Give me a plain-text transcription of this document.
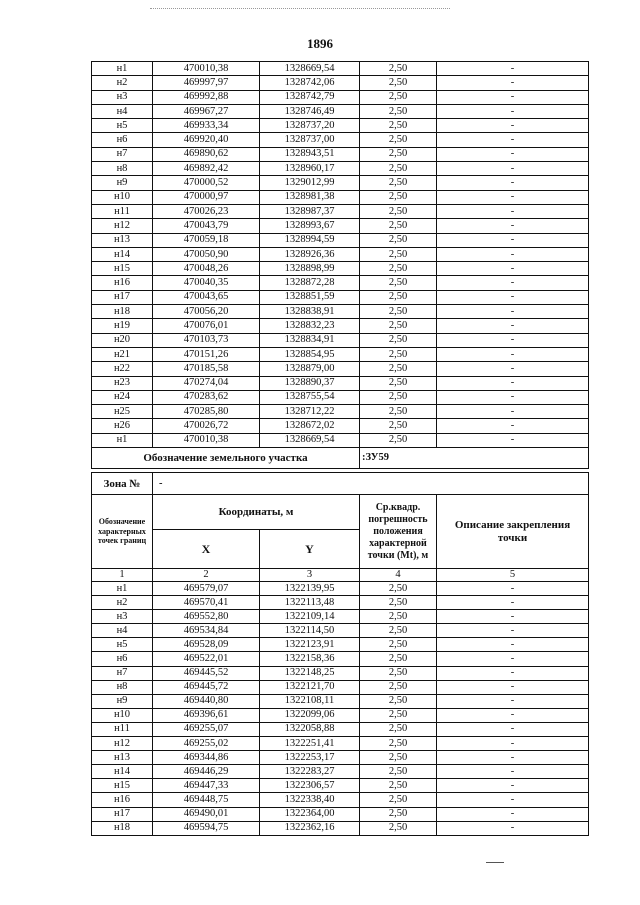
1896
н1	470010,38	1328669,54	2,50	-
н2	469997,97	1328742,06	2,50	-
н3	469992,88	1328742,79	2,50	-
н4	469967,27	1328746,49	2,50	-
н5	469933,34	1328737,20	2,50	-
н6	469920,40	1328737,00	2,50	-
н7	469890,62	1328943,51	2,50	-
н8	469892,42	1328960,17	2,50	-
н9	470000,52	1329012,99	2,50	-
н10	470000,97	1328981,38	2,50	-
н11	470026,23	1328987,37	2,50	-
н12	470043,79	1328993,67	2,50	-
н13	470059,18	1328994,59	2,50	-
н14	470050,90	1328926,36	2,50	-
н15	470048,26	1328898,99	2,50	-
н16	470040,35	1328872,28	2,50	-
н17	470043,65	1328851,59	2,50	-
н18	470056,20	1328838,91	2,50	-
н19	470076,01	1328832,23	2,50	-
н20	470103,73	1328834,91	2,50	-
н21	470151,26	1328854,95	2,50	-
н22	470185,58	1328879,00	2,50	-
н23	470274,04	1328890,37	2,50	-
н24	470283,62	1328755,54	2,50	-
н25	470285,80	1328712,22	2,50	-
н26	470026,72	1328672,02	2,50	-
н1	470010,38	1328669,54	2,50	-
Обозначение земельного участка			:ЗУ59	
Зона №	-			
Обозначение характерных точек границ	Координаты, м		Ср.квадр. погрешность положения характерной точки (Mt), м	Описание закрепления точки
	X	Y		
1	2	3	4	5
н1	469579,07	1322139,95	2,50	-
н2	469570,41	1322113,48	2,50	-
н3	469552,80	1322109,14	2,50	-
н4	469534,84	1322114,50	2,50	-
н5	469528,09	1322123,91	2,50	-
н6	469522,01	1322158,36	2,50	-
н7	469445,52	1322148,25	2,50	-
н8	469445,72	1322121,70	2,50	-
н9	469440,80	1322108,11	2,50	-
н10	469396,61	1322099,06	2,50	-
н11	469255,07	1322058,88	2,50	-
н12	469255,02	1322251,41	2,50	-
н13	469344,86	1322253,17	2,50	-
н14	469446,29	1322283,27	2,50	-
н15	469447,33	1322306,57	2,50	-
н16	469448,75	1322338,40	2,50	-
н17	469490,01	1322364,00	2,50	-
н18	469594,75	1322362,16	2,50	-
